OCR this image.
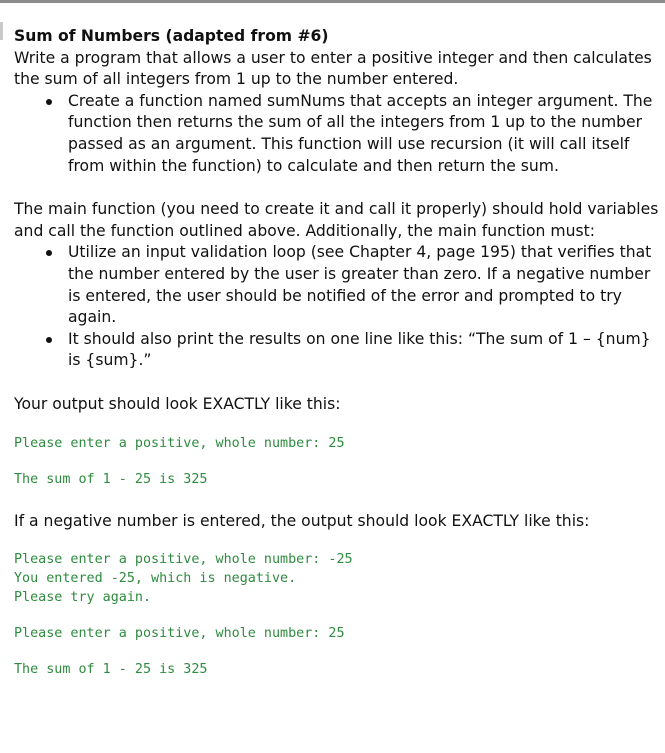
Sum of Numbers (adapted from #6)

Write a program that allows a user to enter a positive integer and then calculates the sum of all integers from 1 up to the number entered.

Create a function named sumNums that accepts an integer argument. The function then returns the sum of all the integers from 1 up to the number passed as an argument. This function will use recursion (it will call itself from within the function) to calculate and then return the sum.

The main function (you need to create it and call it properly) should hold variables and call the function outlined above. Additionally, the main function must:

Utilize an input validation loop (see Chapter 4, page 195) that verifies that the number entered by the user is greater than zero. If a negative number is entered, the user should be notified of the error and prompted to try again.
It should also print the results on one line like this: “The sum of 1 – {num} is {sum}.”

Your output should look EXACTLY like this:

Please enter a positive, whole number: 25

The sum of 1 - 25 is 325

If a negative number is entered, the output should look EXACTLY like this:

Please enter a positive, whole number: -25

You entered -25, which is negative.

Please try again.

Please enter a positive, whole number: 25

The sum of 1 - 25 is 325
